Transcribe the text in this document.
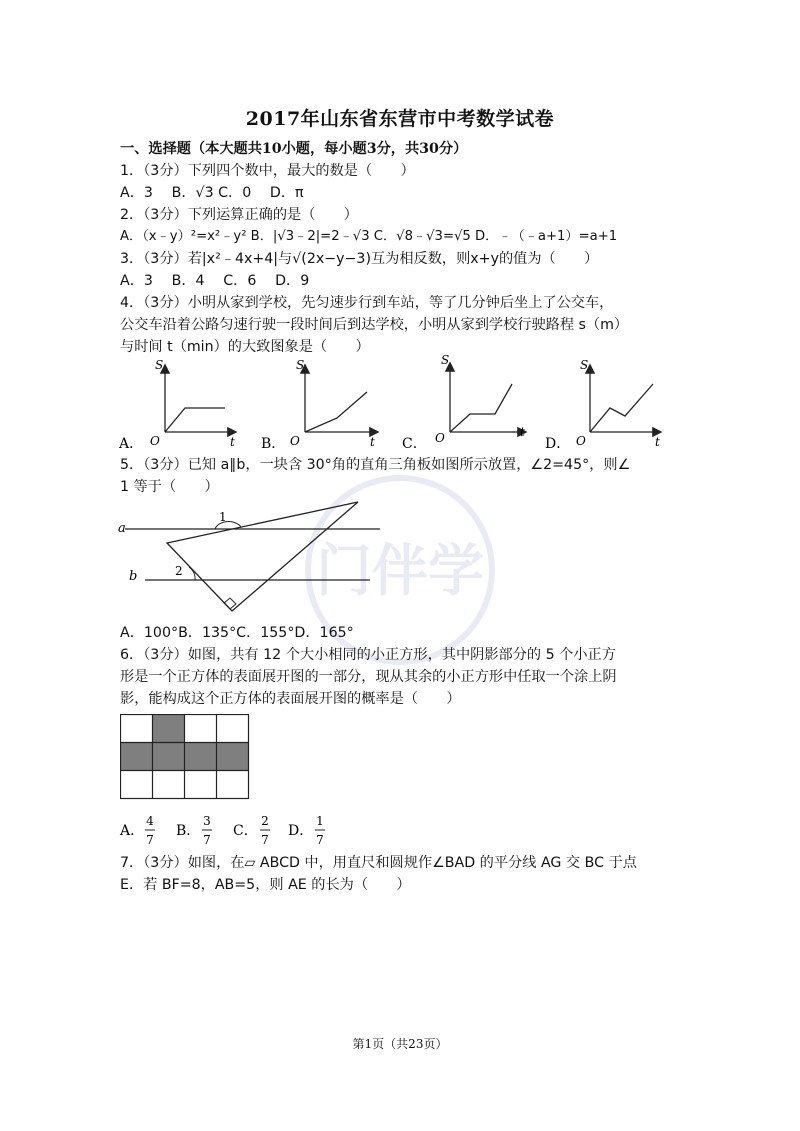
门伴学
2017年山东省东营市中考数学试卷
一、选择题（本大题共10小题，每小题3分，共30分）
1．（3分）下列四个数中，最大的数是（　　）
A．3　 B．√3 C．0　 D．π
2．（3分）下列运算正确的是（　　）
A．（x﹣y）²=x²﹣y² B．|√3﹣2|=2﹣√3 C．√8﹣√3=√5 D．﹣（﹣a+1）=a+1
3．（3分）若|x²﹣4x+4|与√(2x−y−3)互为相反数，则x+y的值为（　　）
A．3　 B．4　 C．6　 D．9
4．（3分）小明从家到学校，先匀速步行到车站，等了几分钟后坐上了公交车，
公交车沿着公路匀速行驶一段时间后到达学校，小明从家到学校行驶路程 s（m）
与时间 t（min）的大致图象是（　　）
S
t
O
A．
S
t
O
B．
S
t
O
C．
S
t
O
D．
5．（3分）已知 a∥b，一块含 30°角的直角三角板如图所示放置，∠2=45°，则∠
1 等于（　　）
a
b
1
2
A．100°B．135°C．155°D．165°
6．（3分）如图，共有 12 个大小相同的小正方形，其中阴影部分的 5 个小正方
形是一个正方体的表面展开图的一部分，现从其余的小正方形中任取一个涂上阴
影，能构成这个正方体的表面展开图的概率是（　　）
A．
4
7
B．
3
7
C．
2
7
D．
1
7
7．（3分）如图，在▱ ABCD 中，用直尺和圆规作∠BAD 的平分线 AG 交 BC 于点
E．若 BF=8，AB=5，则 AE 的长为（　　）
第1页（共23页）
